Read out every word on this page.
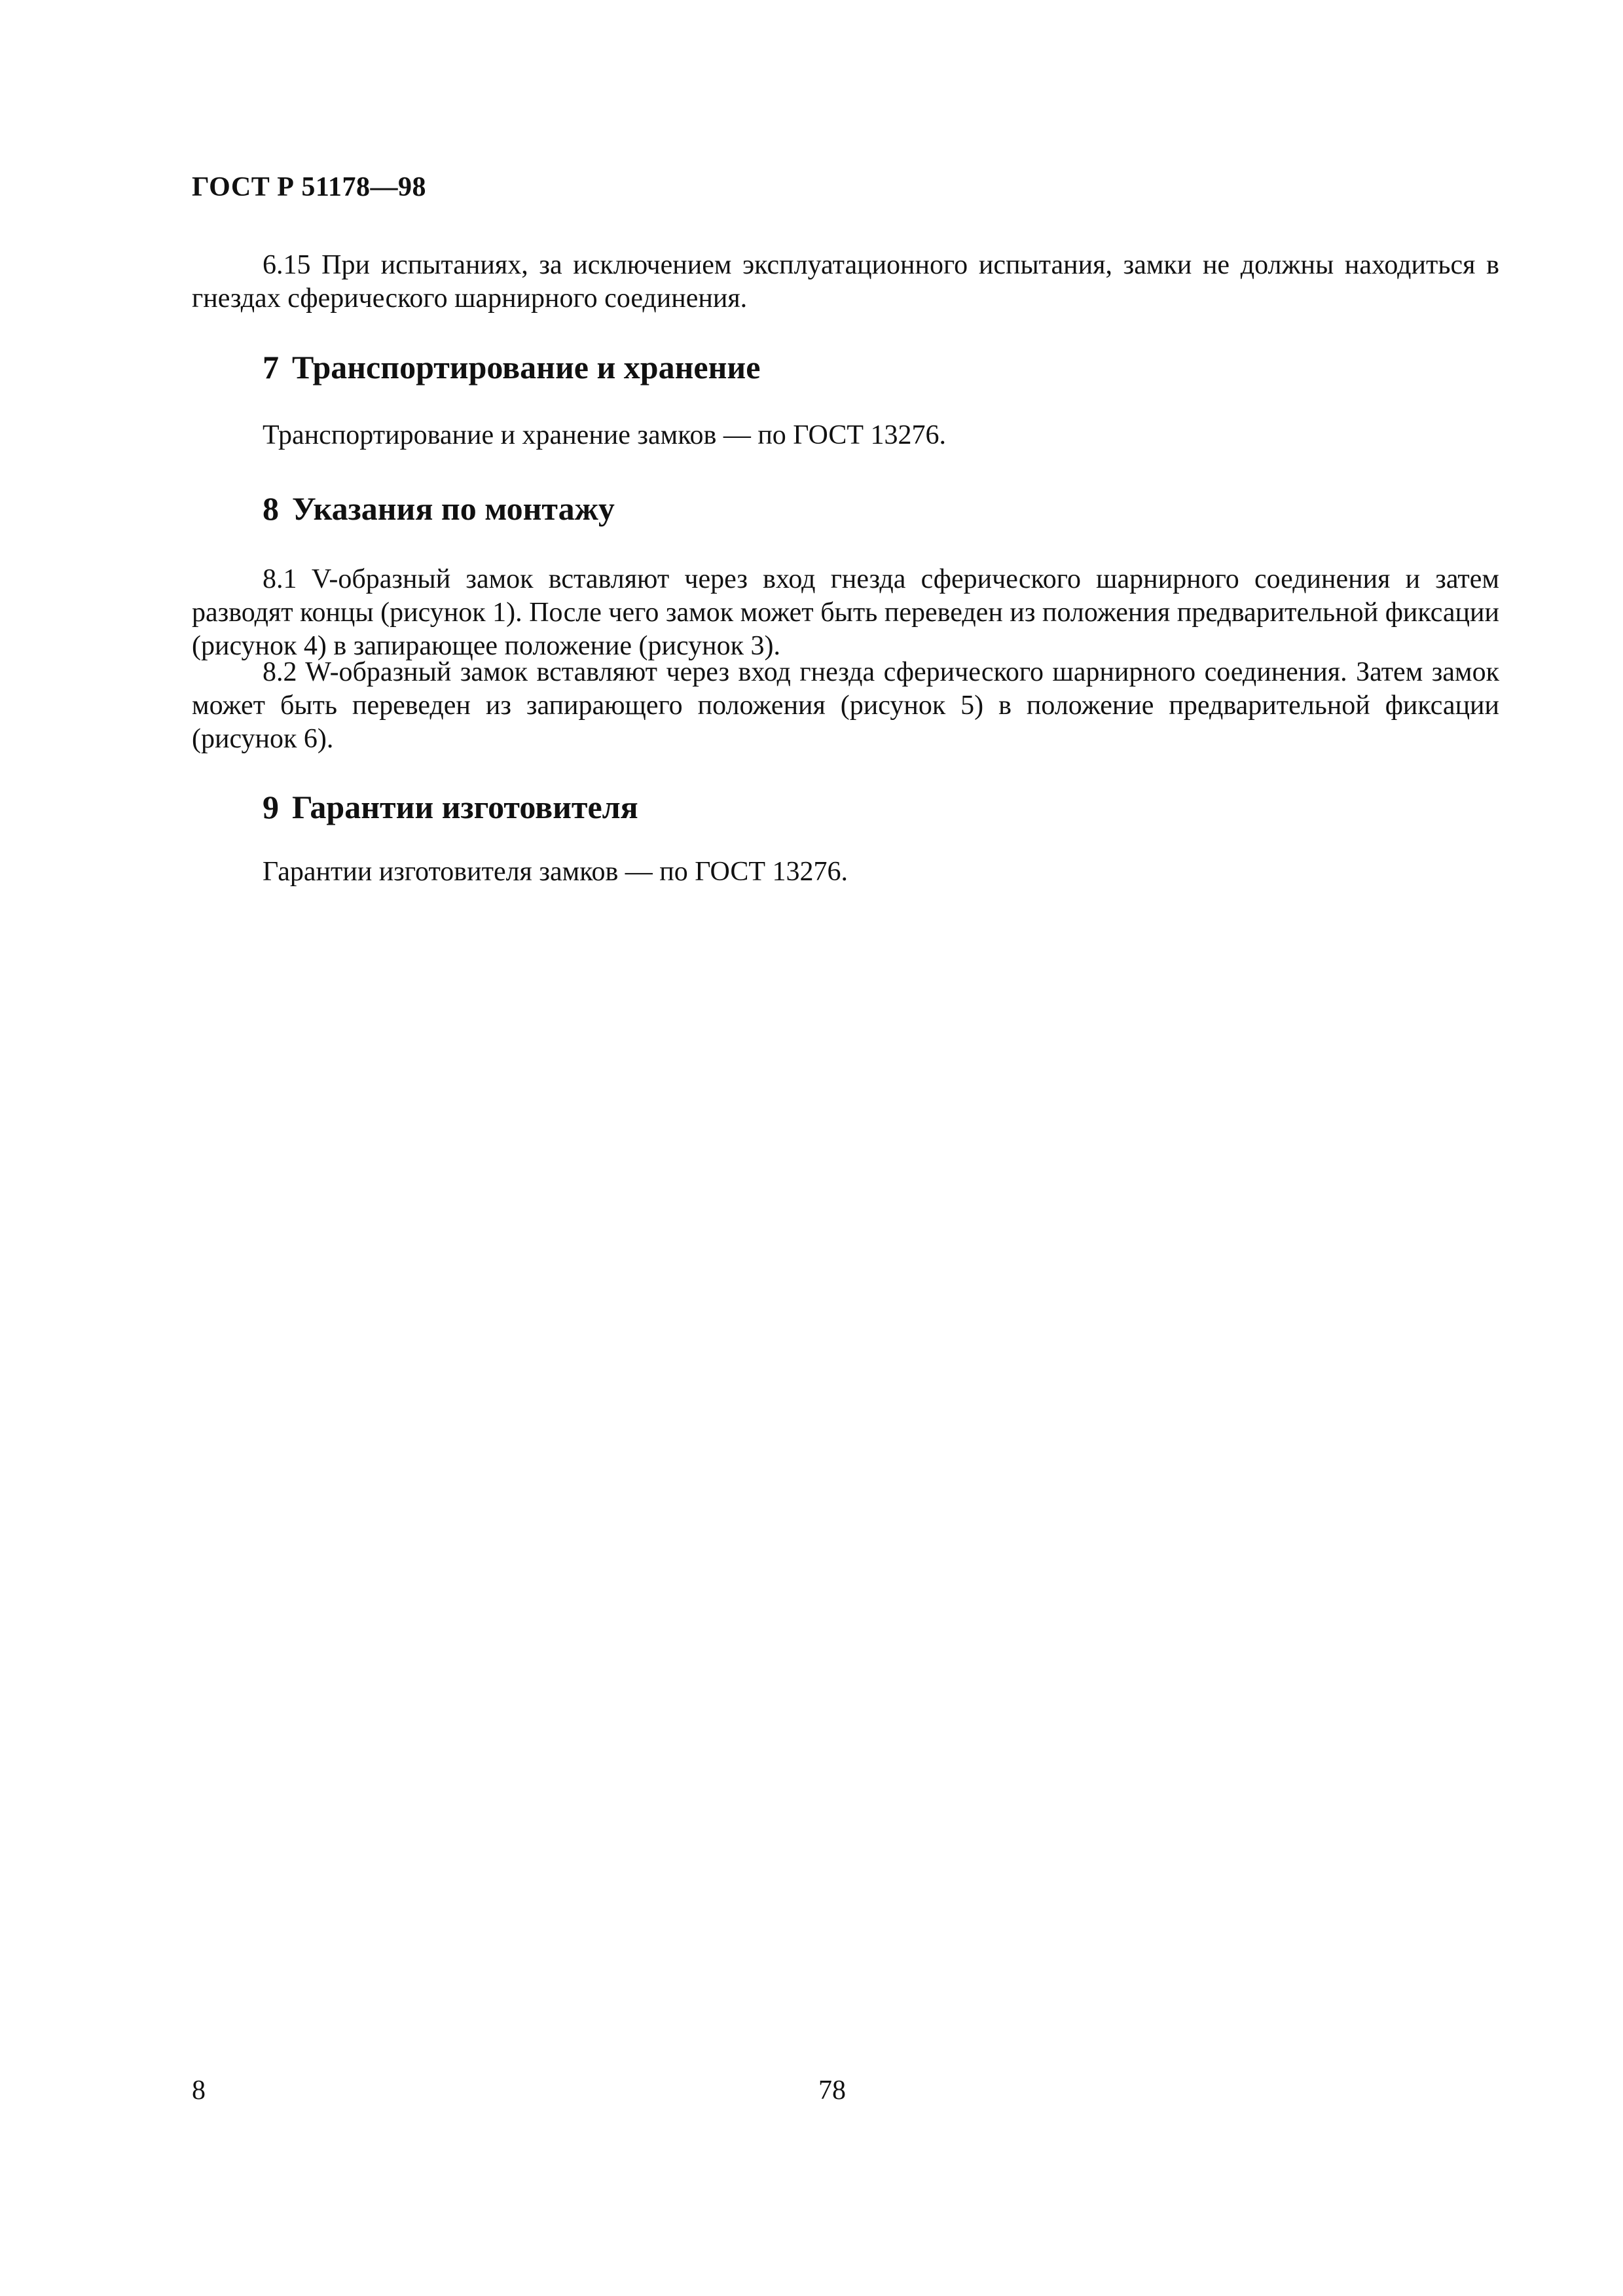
ГОСТ Р 51178—98

6.15 При испытаниях, за исключением эксплуатационного испытания, замки не должны находиться в гнездах сферического шарнирного соединения.

7 Транспортирование и хранение

Транспортирование и хранение замков — по ГОСТ 13276.

8 Указания по монтажу

8.1 V-образный замок вставляют через вход гнезда сферического шарнирного соединения и затем разводят концы (рисунок 1). После чего замок может быть переведен из положения предварительной фиксации (рисунок 4) в запирающее положение (рисунок 3).

8.2 W-образный замок вставляют через вход гнезда сферического шарнирного соединения. Затем замок может быть переведен из запирающего положения (рисунок 5) в положение предварительной фиксации (рисунок 6).

9 Гарантии изготовителя

Гарантии изготовителя замков — по ГОСТ 13276.

8	78
